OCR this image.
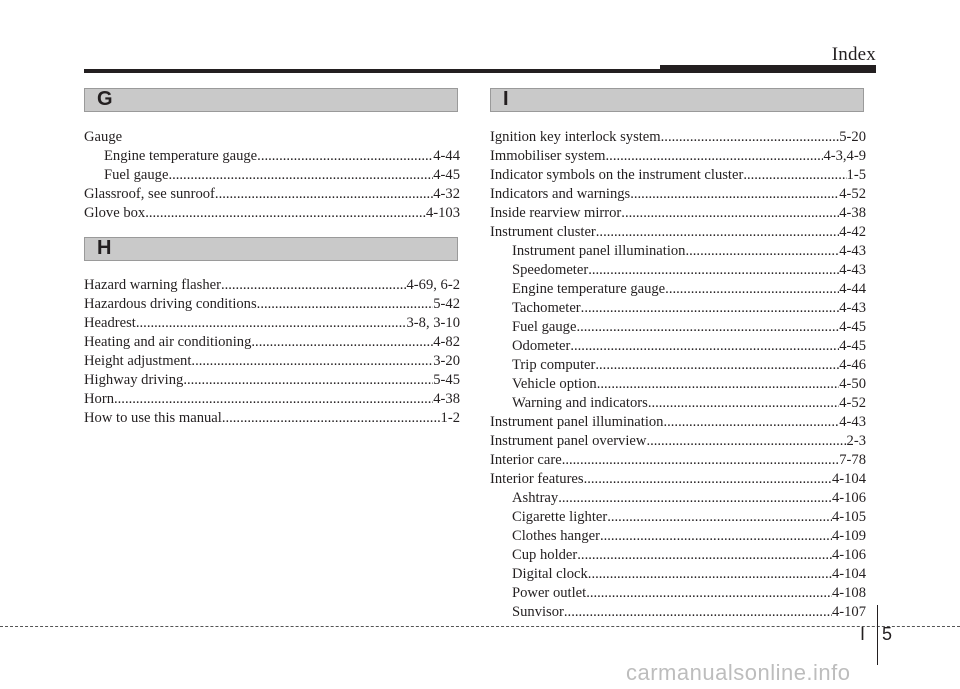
Index
G
Gauge
Engine temperature gauge .....	4-44
Fuel gauge .....	4-45
Glassroof, see sunroof .....	4-32
Glove box .....	4-103
H
Hazard warning flasher .....	4-69, 6-2
Hazardous driving conditions .....	5-42
Headrest .....	3-8, 3-10
Heating and air conditioning .....	4-82
Height adjustment .....	3-20
Highway driving .....	5-45
Horn .....	4-38
How to use this manual .....	1-2
I
Ignition key interlock system .....	5-20
Immobiliser system .....	4-3,4-9
Indicator symbols on the instrument cluster .....	1-5
Indicators and warnings .....	4-52
Inside rearview mirror .....	4-38
Instrument cluster .....	4-42
Instrument panel illumination .....	4-43
Speedometer .....	4-43
Engine temperature gauge .....	4-44
Tachometer .....	4-43
Fuel gauge .....	4-45
Odometer .....	4-45
Trip computer .....	4-46
Vehicle option .....	4-50
Warning and indicators .....	4-52
Instrument panel illumination .....	4-43
Instrument panel overview .....	2-3
Interior care .....	7-78
Interior features .....	4-104
Ashtray .....	4-106
Cigarette lighter .....	4-105
Clothes hanger .....	4-109
Cup holder .....	4-106
Digital clock .....	4-104
Power outlet .....	4-108
Sunvisor .....	4-107
I 5
carmanualsonline.info
